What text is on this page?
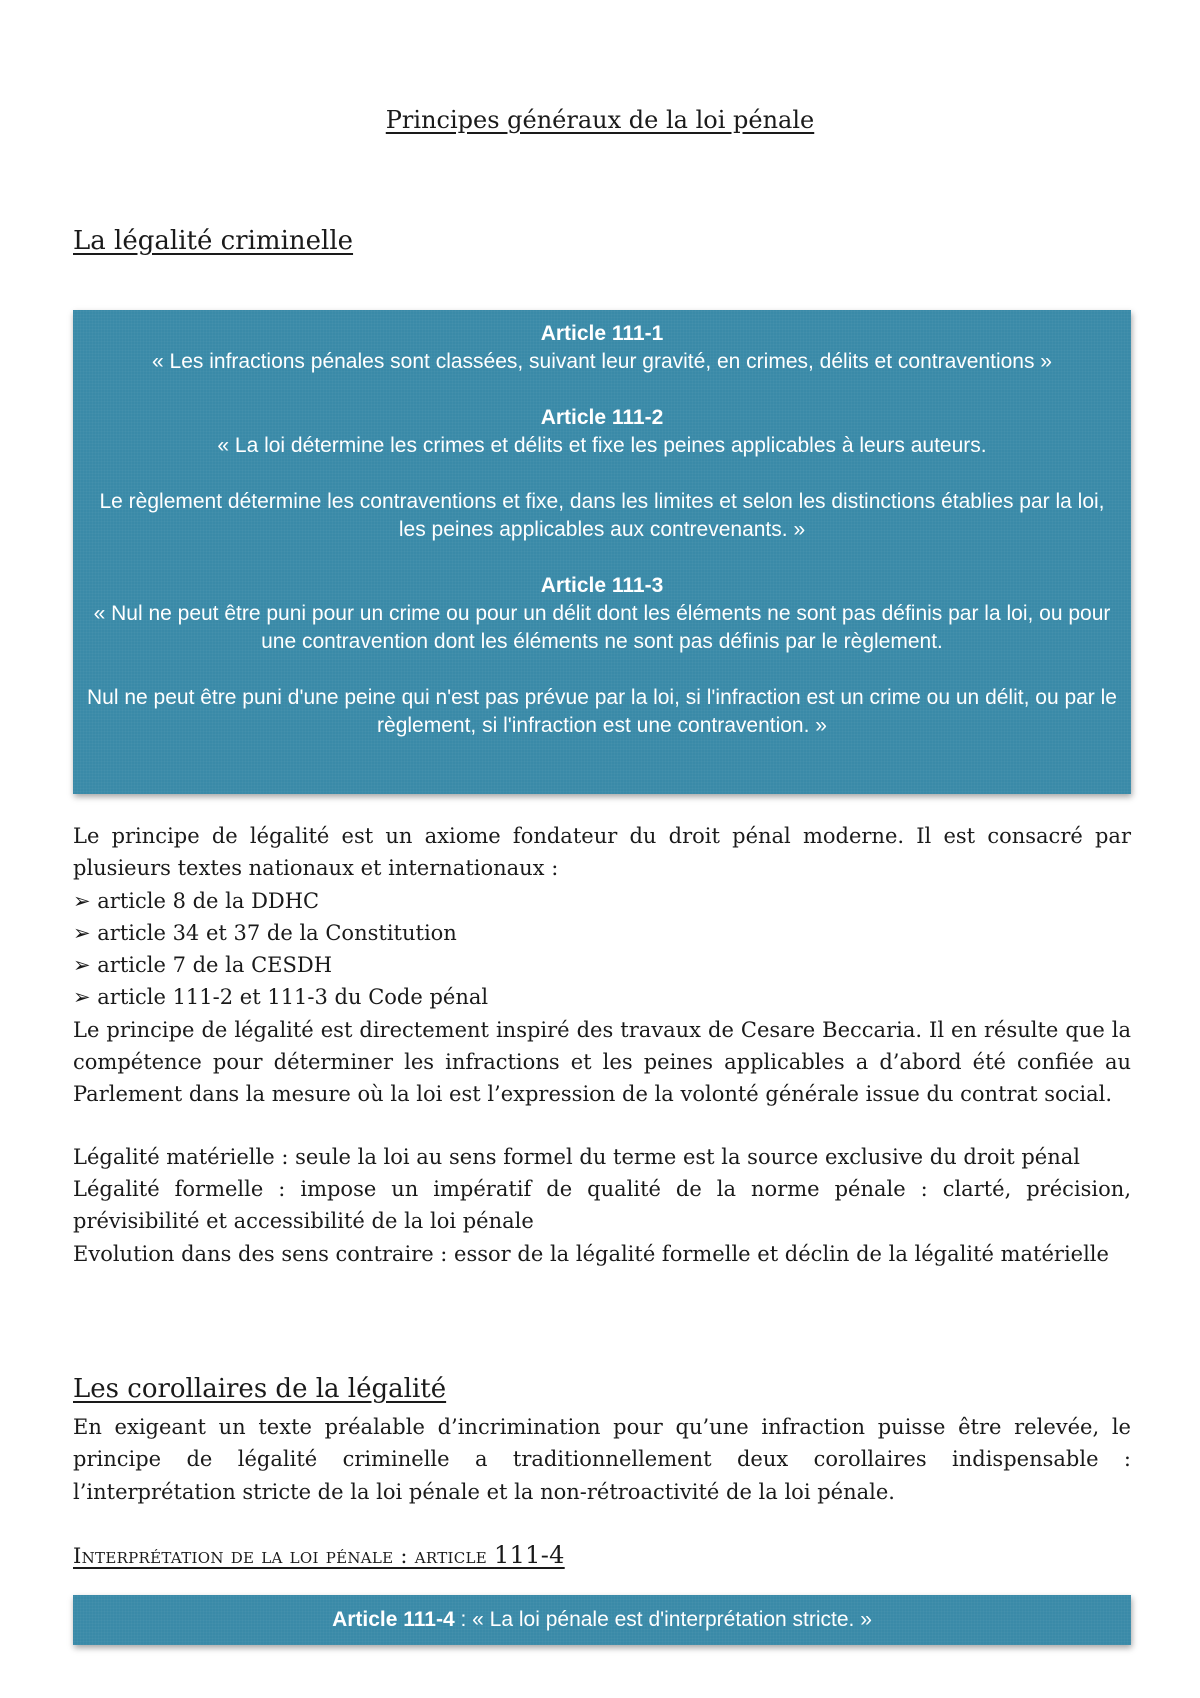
Principes généraux de la loi pénale
La légalité criminelle
Article 111-1
« Les infractions pénales sont classées, suivant leur gravité, en crimes, délits et contraventions »
Article 111-2
« La loi détermine les crimes et délits et fixe les peines applicables à leurs auteurs.
Le règlement détermine les contraventions et fixe, dans les limites et selon les distinctions établies par la loi, les peines applicables aux contrevenants. »
Article 111-3
« Nul ne peut être puni pour un crime ou pour un délit dont les éléments ne sont pas définis par la loi, ou pour une contravention dont les éléments ne sont pas définis par le règlement.
Nul ne peut être puni d'une peine qui n'est pas prévue par la loi, si l'infraction est un crime ou un délit, ou par le règlement, si l'infraction est une contravention. »

Le principe de légalité est un axiome fondateur du droit pénal moderne. Il est consacré par plusieurs textes nationaux et internationaux :

➢ article 8 de la DDHC

➢ article 34 et 37 de la Constitution

➢ article 7 de la CESDH

➢ article 111-2 et 111-3 du Code pénal

Le principe de légalité est directement inspiré des travaux de Cesare Beccaria. Il en résulte que la compétence pour déterminer les infractions et les peines applicables a d’abord été confiée au Parlement dans la mesure où la loi est l’expression de la volonté générale issue du contrat social.

Légalité matérielle : seule la loi au sens formel du terme est la source exclusive du droit pénal

Légalité formelle : impose un impératif de qualité de la norme pénale : clarté, précision, prévisibilité et accessibilité de la loi pénale

Evolution dans des sens contraire : essor de la légalité formelle et déclin de la légalité matérielle

Les corollaires de la légalité

En exigeant un texte préalable d’incrimination pour qu’une infraction puisse être relevée, le principe de légalité criminelle a traditionnellement deux corollaires indispensable : l’interprétation stricte de la loi pénale et la non-rétroactivité de la loi pénale.

Interprétation de la loi pénale : article 111-4
Article 111-4 : « La loi pénale est d'interprétation stricte. »
